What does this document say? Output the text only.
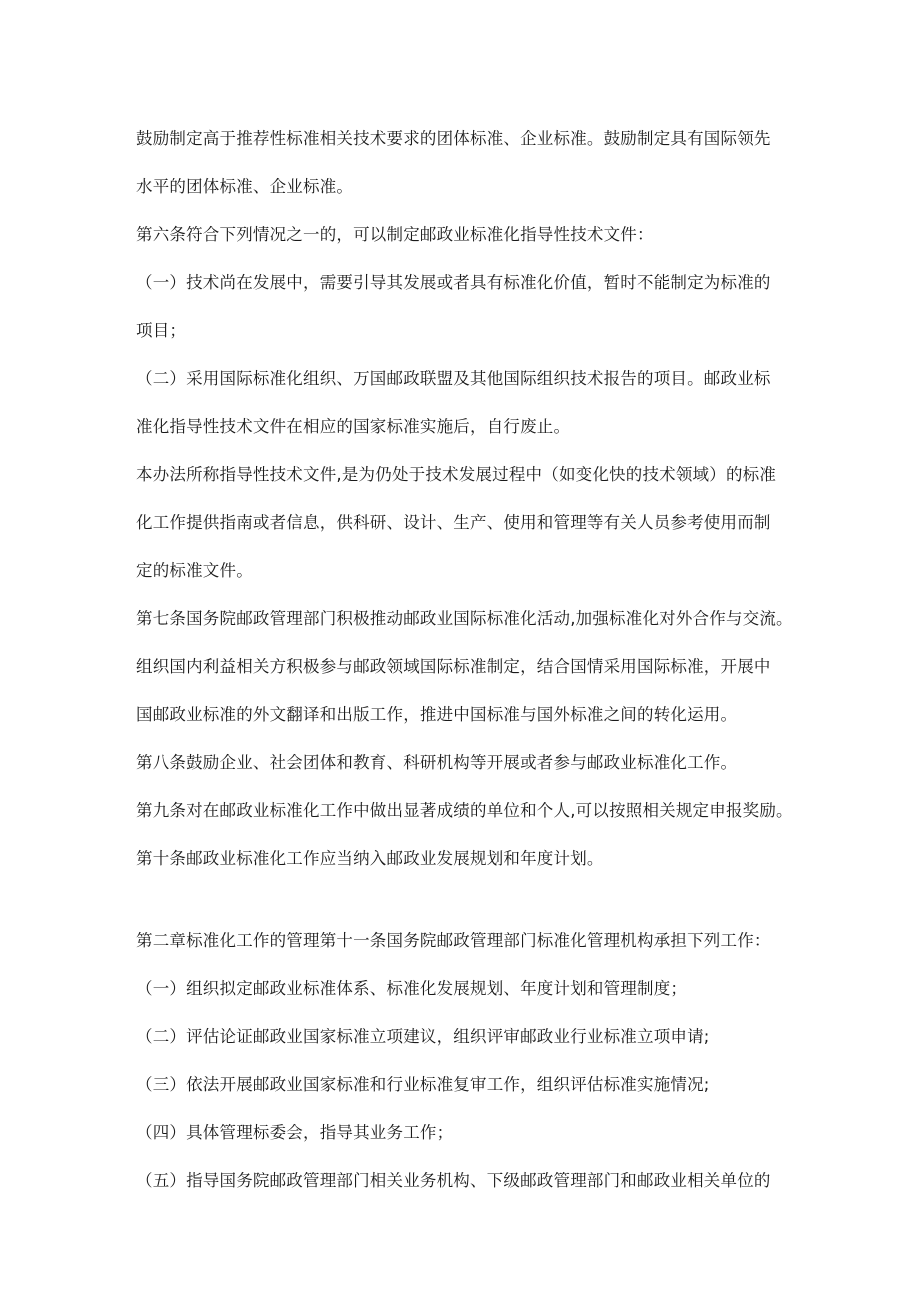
鼓励制定高于推荐性标准相关技术要求的团体标准、企业标准。鼓励制定具有国际领先
水平的团体标准、企业标准。
第六条符合下列情况之一的，可以制定邮政业标准化指导性技术文件：
（一）技术尚在发展中，需要引导其发展或者具有标准化价值，暂时不能制定为标准的
项目；
（二）采用国际标准化组织、万国邮政联盟及其他国际组织技术报告的项目。邮政业标
准化指导性技术文件在相应的国家标准实施后，自行废止。
本办法所称指导性技术文件,是为仍处于技术发展过程中（如变化快的技术领域）的标准
化工作提供指南或者信息，供科研、设计、生产、使用和管理等有关人员参考使用而制
定的标准文件。
第七条国务院邮政管理部门积极推动邮政业国际标准化活动,加强标准化对外合作与交流。
组织国内利益相关方积极参与邮政领域国际标准制定，结合国情采用国际标准，开展中
国邮政业标准的外文翻译和出版工作，推进中国标准与国外标准之间的转化运用。
第八条鼓励企业、社会团体和教育、科研机构等开展或者参与邮政业标准化工作。
第九条对在邮政业标准化工作中做出显著成绩的单位和个人,可以按照相关规定申报奖励。
第十条邮政业标准化工作应当纳入邮政业发展规划和年度计划。
第二章标准化工作的管理第十一条国务院邮政管理部门标准化管理机构承担下列工作：
（一）组织拟定邮政业标准体系、标准化发展规划、年度计划和管理制度；
（二）评估论证邮政业国家标准立项建议，组织评审邮政业行业标准立项申请;
（三）依法开展邮政业国家标准和行业标准复审工作，组织评估标准实施情况;
（四）具体管理标委会，指导其业务工作；
（五）指导国务院邮政管理部门相关业务机构、下级邮政管理部门和邮政业相关单位的
